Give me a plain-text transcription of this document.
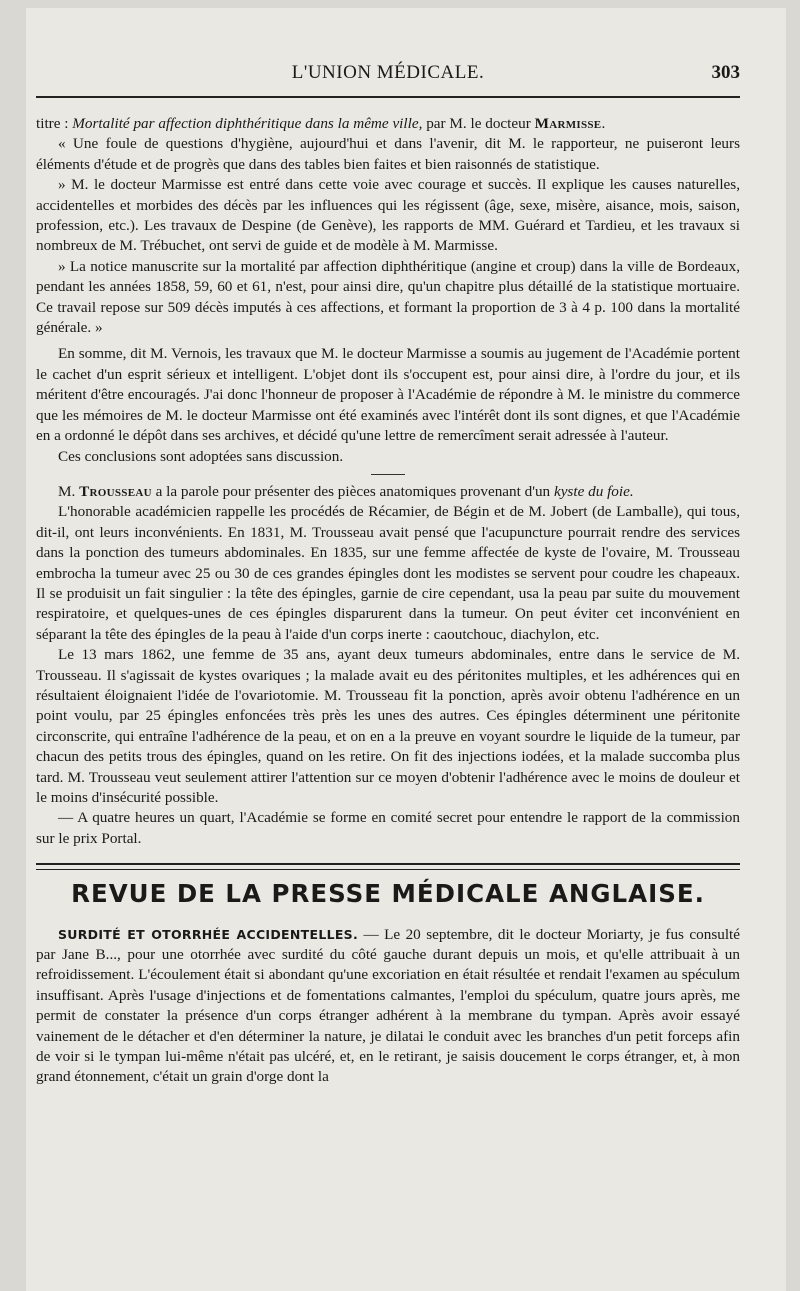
L'UNION MÉDICALE.	303

titre : Mortalité par affection diphthéritique dans la même ville, par M. le docteur Marmisse.

« Une foule de questions d'hygiène, aujourd'hui et dans l'avenir, dit M. le rapporteur, ne puiseront leurs éléments d'étude et de progrès que dans des tables bien faites et bien raisonnés de statistique.

» M. le docteur Marmisse est entré dans cette voie avec courage et succès. Il explique les causes naturelles, accidentelles et morbides des décès par les influences qui les régissent (âge, sexe, misère, aisance, mois, saison, profession, etc.). Les travaux de Despine (de Genève), les rapports de MM. Guérard et Tardieu, et les travaux si nombreux de M. Trébuchet, ont servi de guide et de modèle à M. Marmisse.

» La notice manuscrite sur la mortalité par affection diphthéritique (angine et croup) dans la ville de Bordeaux, pendant les années 1858, 59, 60 et 61, n'est, pour ainsi dire, qu'un chapitre plus détaillé de la statistique mortuaire. Ce travail repose sur 509 décès imputés à ces affections, et formant la proportion de 3 à 4 p. 100 dans la mortalité générale. »

En somme, dit M. Vernois, les travaux que M. le docteur Marmisse a soumis au jugement de l'Académie portent le cachet d'un esprit sérieux et intelligent. L'objet dont ils s'occupent est, pour ainsi dire, à l'ordre du jour, et ils méritent d'être encouragés. J'ai donc l'honneur de proposer à l'Académie de répondre à M. le ministre du commerce que les mémoires de M. le docteur Marmisse ont été examinés avec l'intérêt dont ils sont dignes, et que l'Académie en a ordonné le dépôt dans ses archives, et décidé qu'une lettre de remercîment serait adressée à l'auteur.

Ces conclusions sont adoptées sans discussion.

M. Trousseau a la parole pour présenter des pièces anatomiques provenant d'un kyste du foie.

L'honorable académicien rappelle les procédés de Récamier, de Bégin et de M. Jobert (de Lamballe), qui tous, dit-il, ont leurs inconvénients. En 1831, M. Trousseau avait pensé que l'acupuncture pourrait rendre des services dans la ponction des tumeurs abdominales. En 1835, sur une femme affectée de kyste de l'ovaire, M. Trousseau embrocha la tumeur avec 25 ou 30 de ces grandes épingles dont les modistes se servent pour coudre les chapeaux. Il se produisit un fait singulier : la tête des épingles, garnie de cire cependant, usa la peau par suite du mouvement respiratoire, et quelques-unes de ces épingles disparurent dans la tumeur. On peut éviter cet inconvénient en séparant la tête des épingles de la peau à l'aide d'un corps inerte : caoutchouc, diachylon, etc.

Le 13 mars 1862, une femme de 35 ans, ayant deux tumeurs abdominales, entre dans le service de M. Trousseau. Il s'agissait de kystes ovariques ; la malade avait eu des péritonites multiples, et les adhérences qui en résultaient éloignaient l'idée de l'ovariotomie. M. Trousseau fit la ponction, après avoir obtenu l'adhérence en un point voulu, par 25 épingles enfoncées très près les unes des autres. Ces épingles déterminent une péritonite circonscrite, qui entraîne l'adhérence de la peau, et on en a la preuve en voyant sourdre le liquide de la tumeur, par chacun des petits trous des épingles, quand on les retire. On fit des injections iodées, et la malade succomba plus tard. M. Trousseau veut seulement attirer l'attention sur ce moyen d'obtenir l'adhérence avec le moins de douleur et le moins d'insécurité possible.

— A quatre heures un quart, l'Académie se forme en comité secret pour entendre le rapport de la commission sur le prix Portal.

REVUE DE LA PRESSE MÉDICALE ANGLAISE.

SURDITÉ ET OTORRHÉE ACCIDENTELLES. — Le 20 septembre, dit le docteur Moriarty, je fus consulté par Jane B..., pour une otorrhée avec surdité du côté gauche durant depuis un mois, et qu'elle attribuait à un refroidissement. L'écoulement était si abondant qu'une excoriation en était résultée et rendait l'examen au spéculum insuffisant. Après l'usage d'injections et de fomentations calmantes, l'emploi du spéculum, quatre jours après, me permit de constater la présence d'un corps étranger adhérent à la membrane du tympan. Après avoir essayé vainement de le détacher et d'en déterminer la nature, je dilatai le conduit avec les branches d'un petit forceps afin de voir si le tympan lui-même n'était pas ulcéré, et, en le retirant, je saisis doucement le corps étranger, et, à mon grand étonnement, c'était un grain d'orge dont la
